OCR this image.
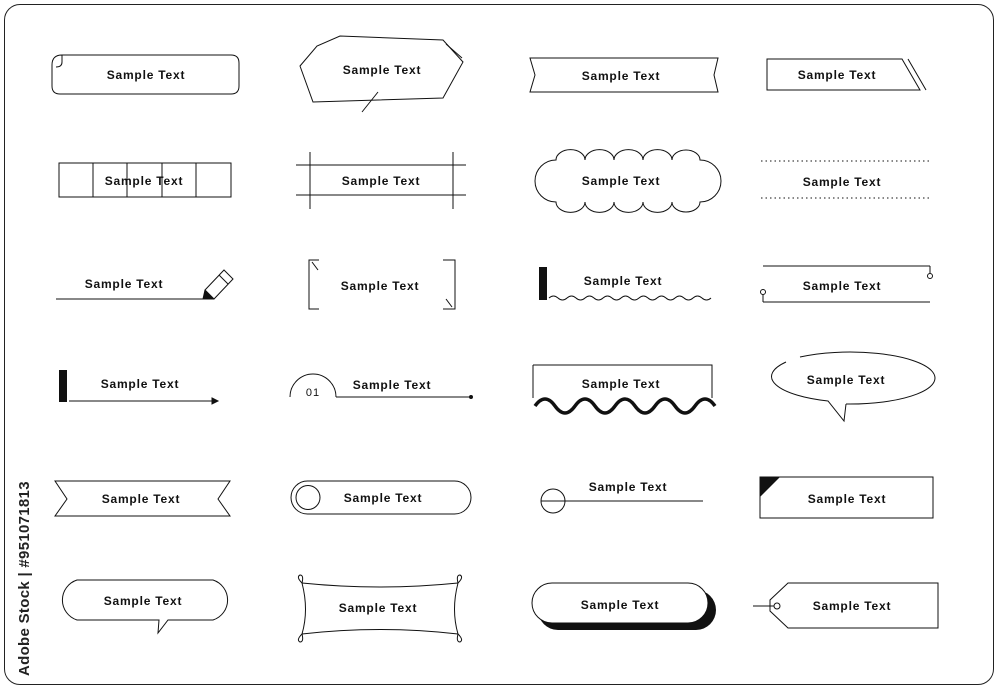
Sample Text	Sample Text	Sample Text	Sample Text
Sample Text	Sample Text	Sample Text	Sample Text
Sample Text	Sample Text	Sample Text	Sample Text
Sample Text
01
Sample Text	Sample Text	Sample Text
Sample Text	Sample Text
Sample Text
Sample Text
Sample Text	Sample Text	Sample Text	Sample Text
Adobe Stock | #951071813
